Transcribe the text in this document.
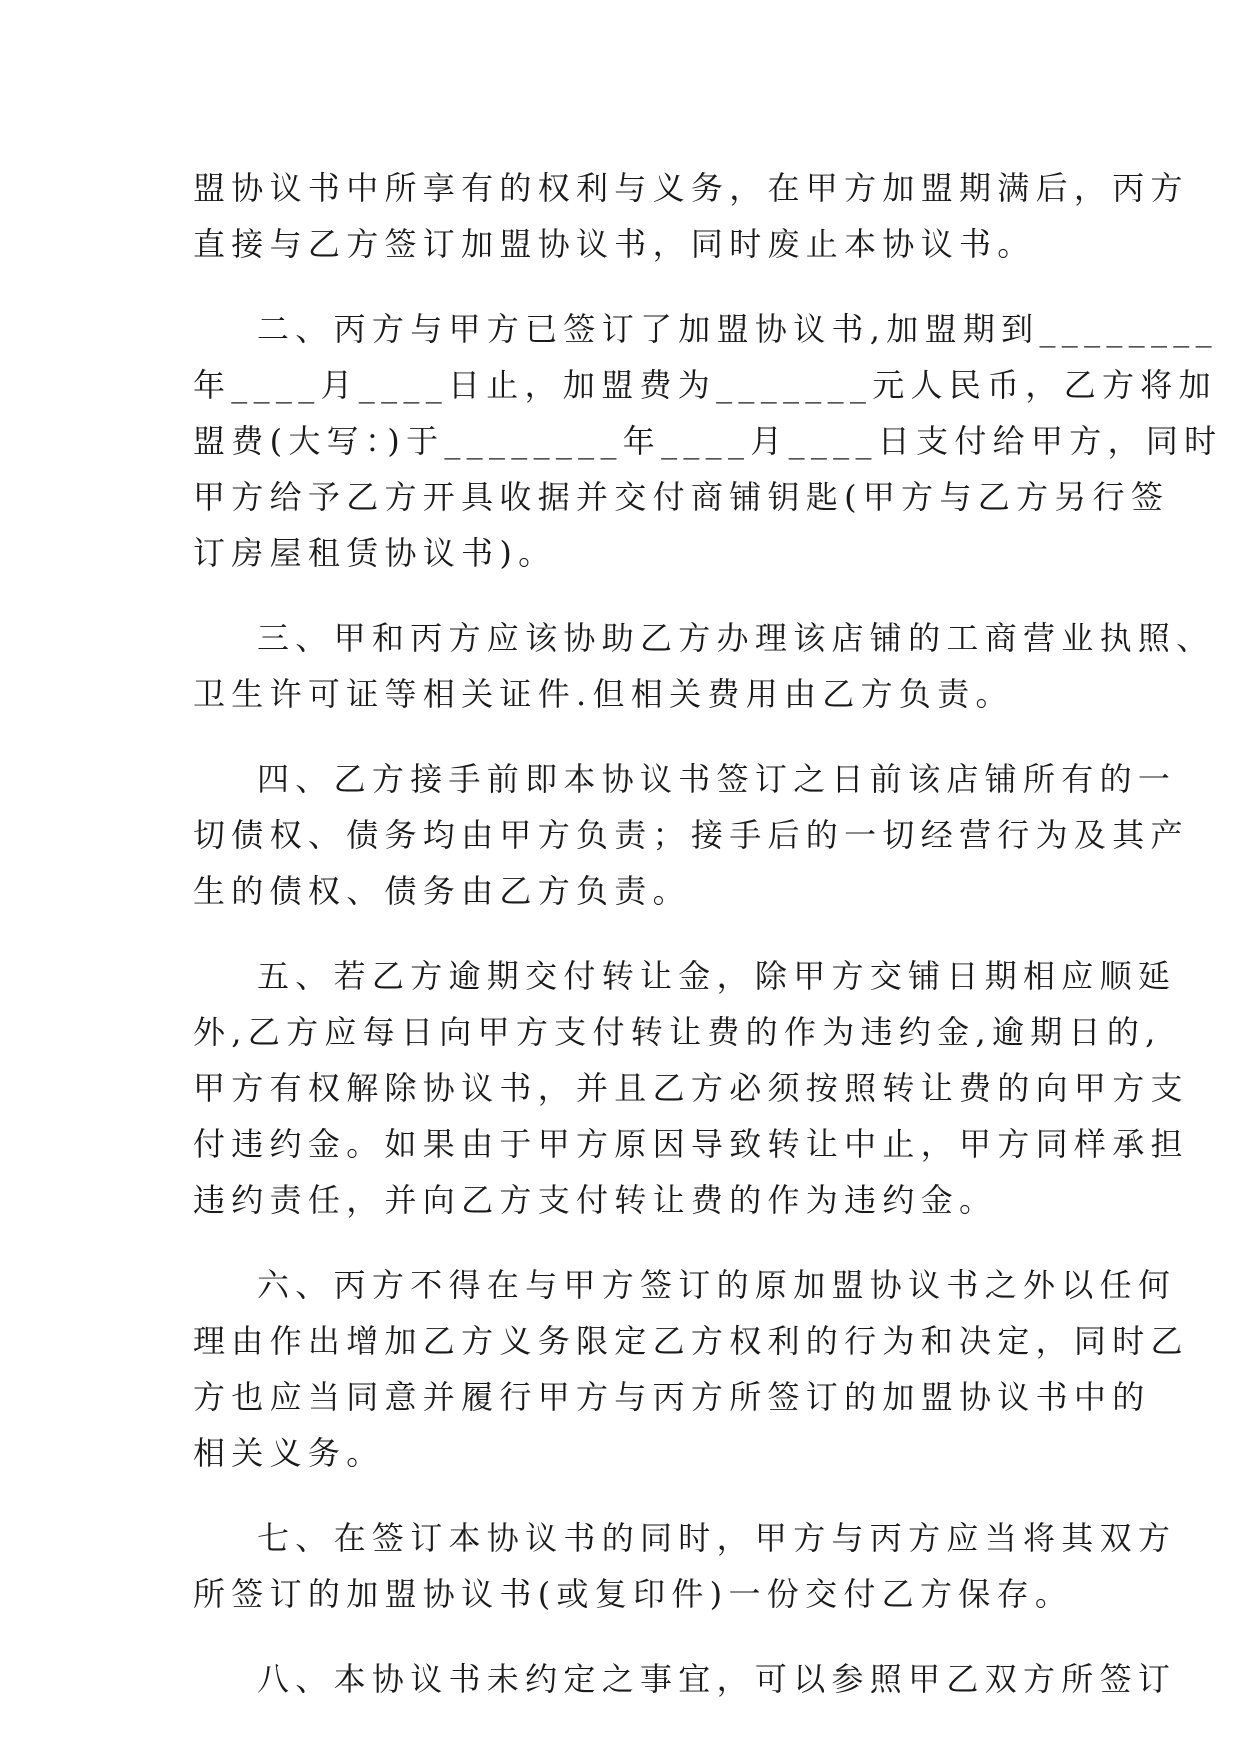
盟协议书中所享有的权利与义务，在甲方加盟期满后，丙方
直接与乙方签订加盟协议书，同时废止本协议书。
二、丙方与甲方已签订了加盟协议书,加盟期到________
年____月____日止，加盟费为_______元人民币，乙方将加
盟费(大写：)于________年____月____日支付给甲方，同时
甲方给予乙方开具收据并交付商铺钥匙(甲方与乙方另行签
订房屋租赁协议书)。
三、甲和丙方应该协助乙方办理该店铺的工商营业执照、
卫生许可证等相关证件.但相关费用由乙方负责。
四、乙方接手前即本协议书签订之日前该店铺所有的一
切债权、债务均由甲方负责；接手后的一切经营行为及其产
生的债权、债务由乙方负责。
五、若乙方逾期交付转让金，除甲方交铺日期相应顺延
外,乙方应每日向甲方支付转让费的作为违约金,逾期日的,
甲方有权解除协议书，并且乙方必须按照转让费的向甲方支
付违约金。如果由于甲方原因导致转让中止，甲方同样承担
违约责任，并向乙方支付转让费的作为违约金。
六、丙方不得在与甲方签订的原加盟协议书之外以任何
理由作出增加乙方义务限定乙方权利的行为和决定，同时乙
方也应当同意并履行甲方与丙方所签订的加盟协议书中的
相关义务。
七、在签订本协议书的同时，甲方与丙方应当将其双方
所签订的加盟协议书(或复印件)一份交付乙方保存。
八、本协议书未约定之事宜，可以参照甲乙双方所签订
